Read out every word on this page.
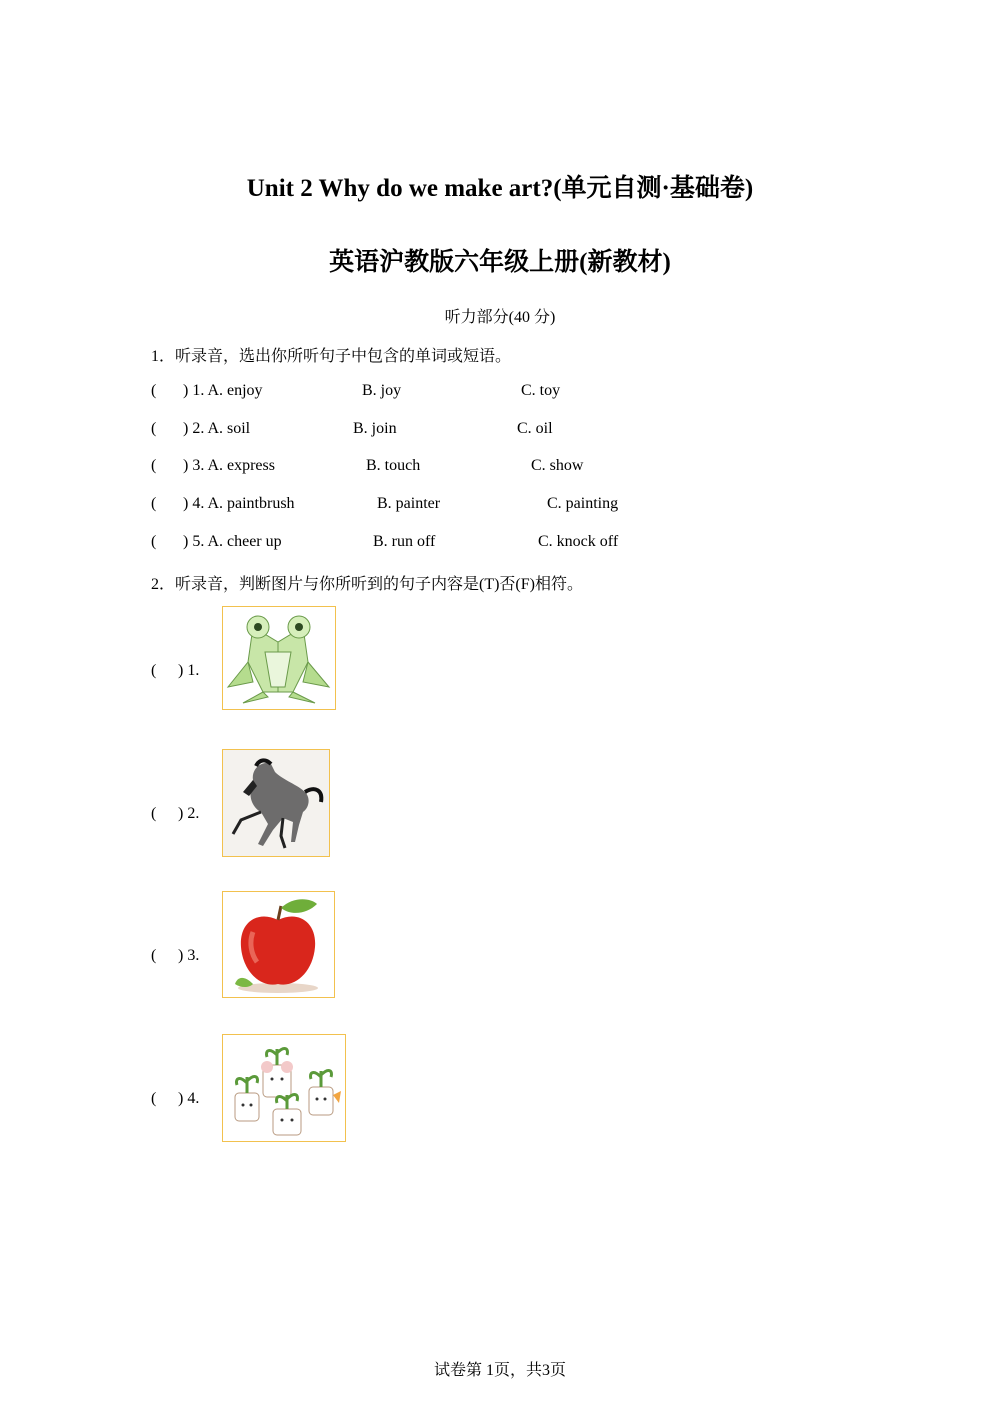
Unit 2 Why do we make art?(单元自测·基础卷)
英语沪教版六年级上册(新教材)
听力部分(40 分)
1．听录音，选出你所听句子中包含的单词或短语。
( ) 1. A. enjoy	B. joy	C. toy
( ) 2. A. soil	B. join	C. oil
( ) 3. A. express	B. touch	C. show
( ) 4. A. paintbrush	B. painter	C. painting
( ) 5. A. cheer up	B. run off	C. knock off
2．听录音，判断图片与你所听到的句子内容是(T)否(F)相符。
( ) 1.
( ) 2.
( ) 3.
( ) 4.
试卷第 1页，共3页
